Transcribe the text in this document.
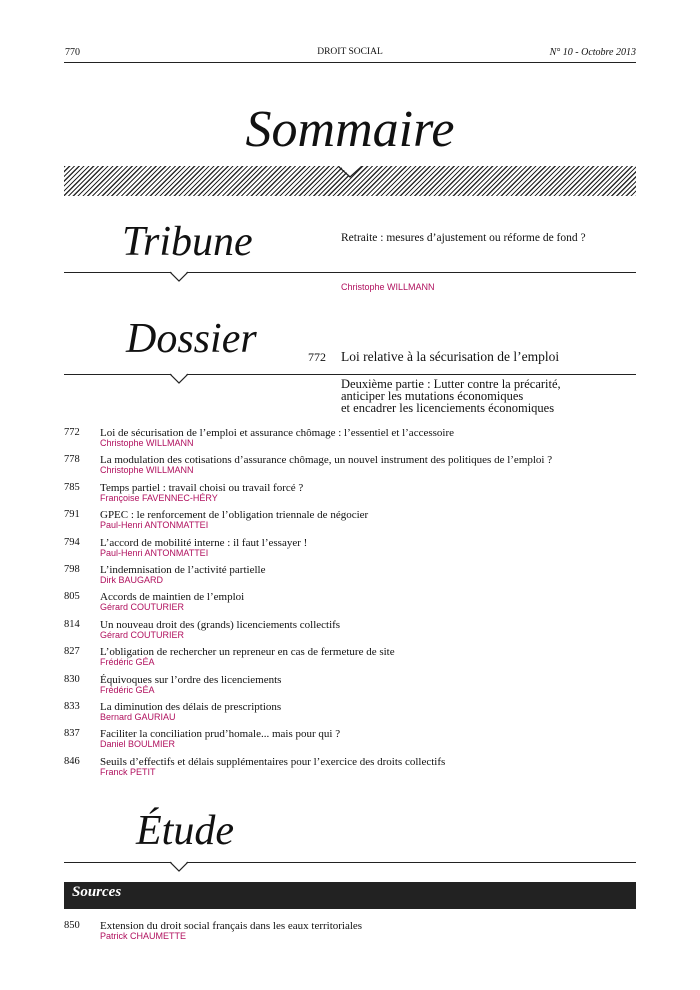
770	DROIT SOCIAL	N° 10 - Octobre 2013
Sommaire
Tribune	Retraite : mesures d’ajustement ou réforme de fond ?
Christophe WILLMANN
Dossier	772 Loi relative à la sécurisation de l’emploi
Deuxième partie : Lutter contre la précarité,
anticiper les mutations économiques
et encadrer les licenciements économiques
772 Loi de sécurisation de l’emploi et assurance chômage : l’essentiel et l’accessoire
Christophe WILLMANN
778 La modulation des cotisations d’assurance chômage, un nouvel instrument des politiques de l’emploi ?
Christophe WILLMANN
785 Temps partiel : travail choisi ou travail forcé ?
Françoise FAVENNEC-HÉRY
791 GPEC : le renforcement de l’obligation triennale de négocier
Paul-Henri ANTONMATTEI
794 L’accord de mobilité interne : il faut l’essayer !
Paul-Henri ANTONMATTEI
798 L’indemnisation de l’activité partielle
Dirk BAUGARD
805 Accords de maintien de l’emploi
Gérard COUTURIER
814 Un nouveau droit des (grands) licenciements collectifs
Gérard COUTURIER
827 L’obligation de rechercher un repreneur en cas de fermeture de site
Frédéric GÉA
830 Équivoques sur l’ordre des licenciements
Frédéric GÉA
833 La diminution des délais de prescriptions
Bernard GAURIAU
837 Faciliter la conciliation prud’homale... mais pour qui ?
Daniel BOULMIER
846 Seuils d’effectifs et délais supplémentaires pour l’exercice des droits collectifs
Franck PETIT
Étude
Sources
850 Extension du droit social français dans les eaux territoriales
Patrick CHAUMETTE
